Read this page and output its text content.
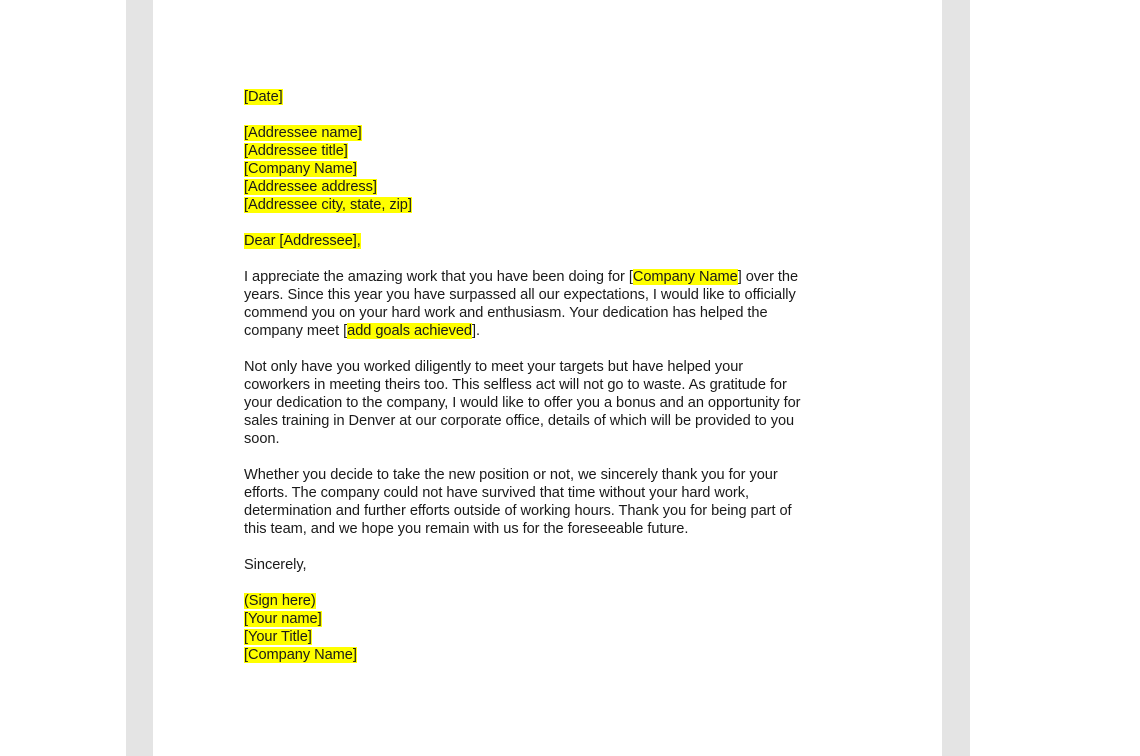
[Date]

[Addressee name]
[Addressee title]
[Company Name]
[Addressee address]
[Addressee city, state, zip]

Dear [Addressee],

I appreciate the amazing work that you have been doing for [Company Name] over the
years. Since this year you have surpassed all our expectations, I would like to officially
commend you on your hard work and enthusiasm. Your dedication has helped the
company meet [add goals achieved].
Not only have you worked diligently to meet your targets but have helped your
coworkers in meeting theirs too. This selfless act will not go to waste. As gratitude for
your dedication to the company, I would like to offer you a bonus and an opportunity for
sales training in Denver at our corporate office, details of which will be provided to you
soon.
Whether you decide to take the new position or not, we sincerely thank you for your
efforts. The company could not have survived that time without your hard work,
determination and further efforts outside of working hours. Thank you for being part of
this team, and we hope you remain with us for the foreseeable future.

Sincerely,

(Sign here)
[Your name]
[Your Title]
[Company Name]
